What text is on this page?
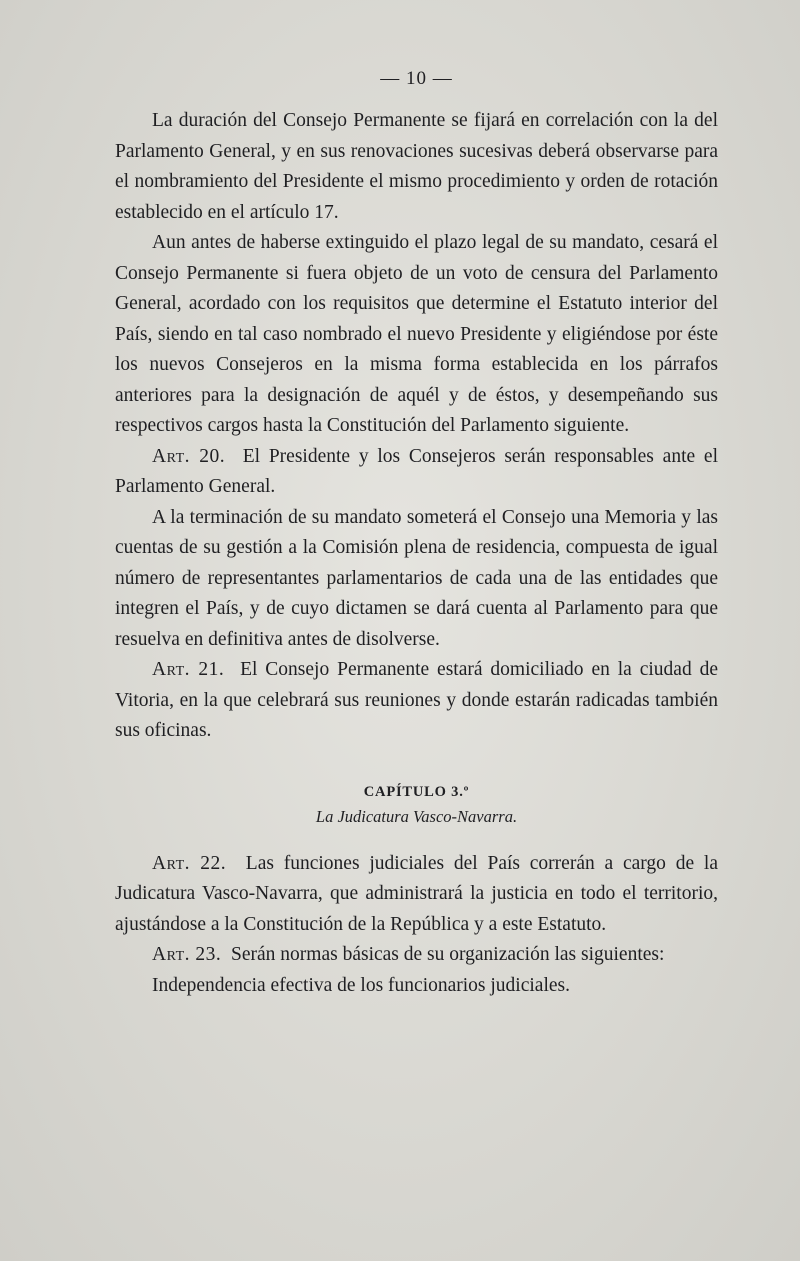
— 10 —

La duración del Consejo Permanente se fijará en correlación con la del Parlamento General, y en sus renovaciones sucesivas deberá observarse para el nombramiento del Presidente el mismo procedimiento y orden de rotación establecido en el artículo 17.

Aun antes de haberse extinguido el plazo legal de su mandato, cesará el Consejo Permanente si fuera objeto de un voto de censura del Parlamento General, acordado con los requisitos que determine el Estatuto interior del País, siendo en tal caso nombrado el nuevo Presidente y eligiéndose por éste los nuevos Consejeros en la misma forma establecida en los párrafos anteriores para la designación de aquél y de éstos, y desempeñando sus respectivos cargos hasta la Constitución del Parlamento siguiente.

Art. 20. El Presidente y los Consejeros serán responsables ante el Parlamento General.

A la terminación de su mandato someterá el Consejo una Memoria y las cuentas de su gestión a la Comisión plena de residencia, compuesta de igual número de representantes parlamentarios de cada una de las entidades que integren el País, y de cuyo dictamen se dará cuenta al Parlamento para que resuelva en definitiva antes de disolverse.

Art. 21. El Consejo Permanente estará domiciliado en la ciudad de Vitoria, en la que celebrará sus reuniones y donde estarán radicadas también sus oficinas.

CAPÍTULO 3.º
La Judicatura Vasco-Navarra.

Art. 22. Las funciones judiciales del País correrán a cargo de la Judicatura Vasco-Navarra, que administrará la justicia en todo el territorio, ajustándose a la Constitución de la República y a este Estatuto.

Art. 23. Serán normas básicas de su organización las siguientes:

Independencia efectiva de los funcionarios judiciales.
